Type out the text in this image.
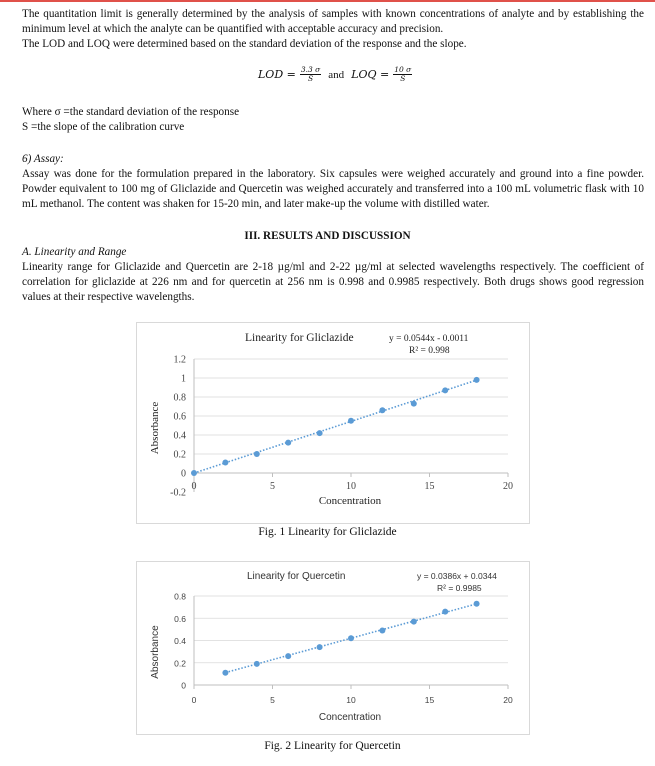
The quantitation limit is generally determined by the analysis of samples with known concentrations of analyte and by establishing the minimum level at which the analyte can be quantified with acceptable accuracy and precision.

The LOD and LOQ were determined based on the standard deviation of the response and the slope.

LOD = $\frac{3.3 \sigma}{S}$ and LOQ = $\frac{10 \sigma}{S}$

Where σ =the standard deviation of the response

S =the slope of the calibration curve

6) Assay:

Assay was done for the formulation prepared in the laboratory. Six capsules were weighed accurately and ground into a fine powder. Powder equivalent to 100 mg of Gliclazide and Quercetin was weighed accurately and transferred into a 100 mL volumetric flask with 10 mL methanol. The content was shaken for 15-20 min, and later make-up the volume with distilled water.

III. RESULTS AND DISCUSSION

A. Linearity and Range

Linearity range for Gliclazide and Quercetin are 2-18 µg/ml and 2-22 µg/ml at selected wavelengths respectively. The coefficient of correlation for gliclazide at 226 nm and for quercetin at 256 nm is 0.998 and 0.9985 respectively. Both drugs shows good regression values at their respective wavelengths.

Linearity for Gliclazide	y = 0.0544x - 0.0011
R² = 0.998
Concentration
Absorbance
-0.2
0
0.2
0.4
0.6
0.8
1
1.2
0	5	10	15	20
Fig. 1 Linearity for Gliclazide
Linearity for Quercetin	y = 0.0386x + 0.0344
R² = 0.9985
Concentration
Absorbance
0
0.2
0.4
0.6
0.8
0	5	10	15	20
Fig. 2 Linearity for Quercetin
